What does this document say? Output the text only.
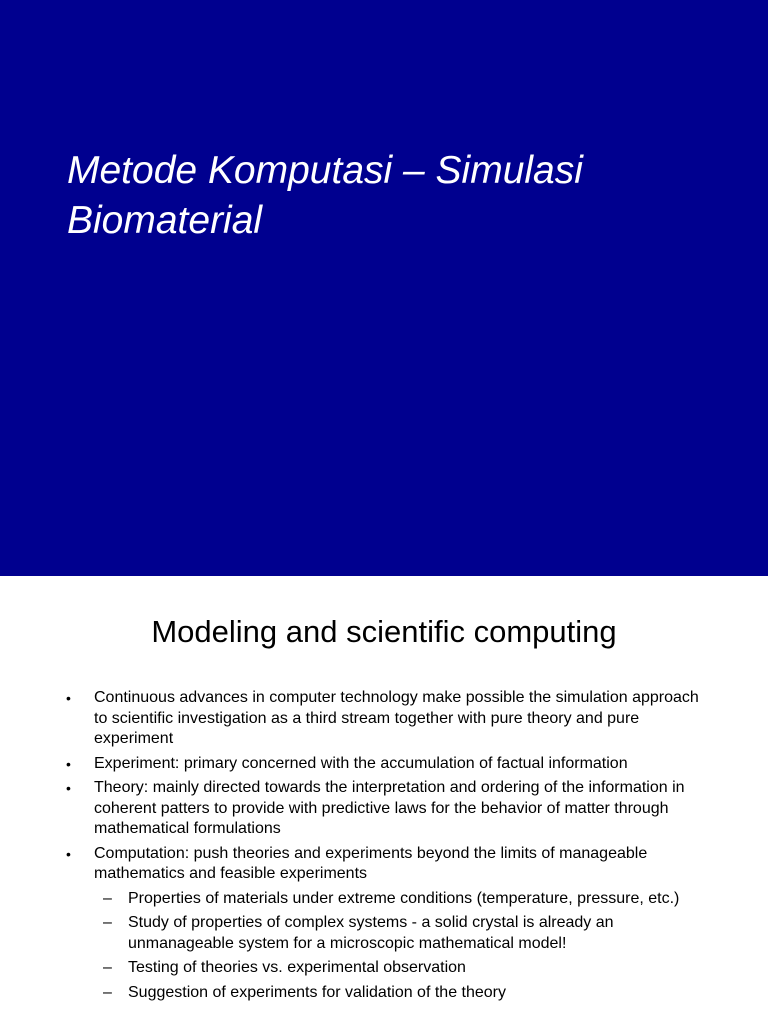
Metode Komputasi – Simulasi Biomaterial
Modeling and scientific computing
• Continuous advances in computer technology make possible the simulation approach to scientific investigation as a third stream together with pure theory and pure experiment
• Experiment: primary concerned with the accumulation of factual information
• Theory: mainly directed towards the interpretation and ordering of the information in coherent patters to provide with predictive laws for the behavior of matter through mathematical formulations
• Computation: push theories and experiments beyond the limits of manageable mathematics and feasible experiments
– Properties of materials under extreme conditions (temperature, pressure, etc.)
– Study of properties of complex systems - a solid crystal is already an unmanageable system for a microscopic mathematical model!
– Testing of theories vs. experimental observation
– Suggestion of experiments for validation of the theory
